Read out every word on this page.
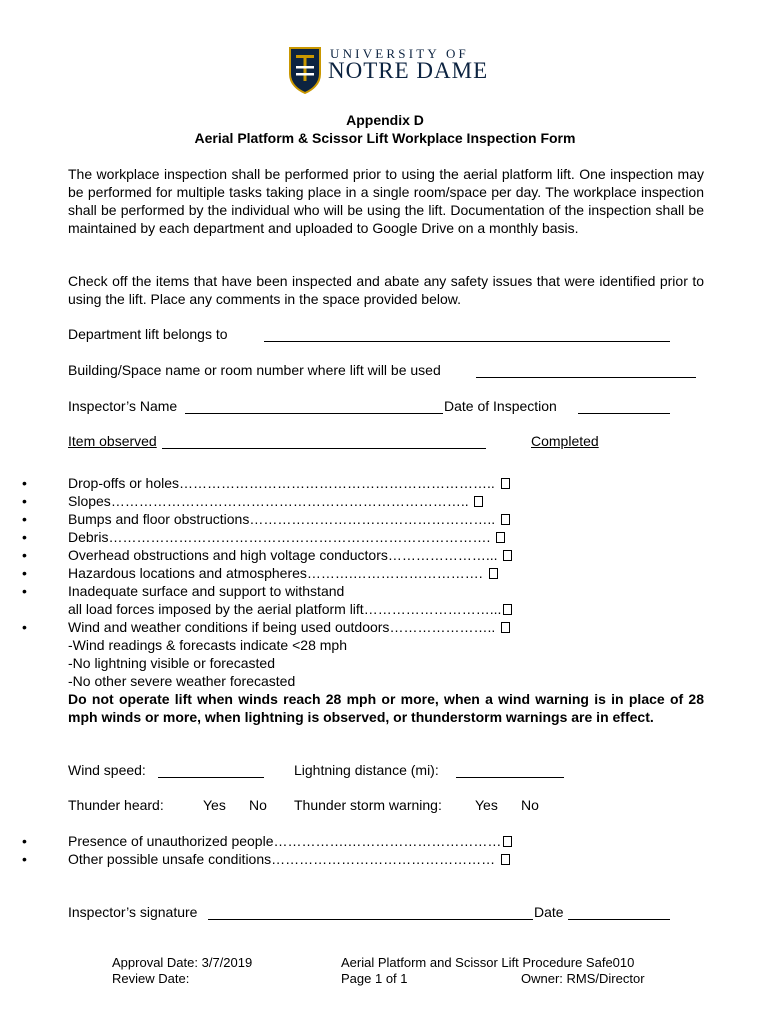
UNIVERSITY OF
NOTRE DAME
Appendix D
Aerial Platform & Scissor Lift Workplace Inspection Form
The workplace inspection shall be performed prior to using the aerial platform lift. One inspection may be performed for multiple tasks taking place in a single room/space per day. The workplace inspection shall be performed by the individual who will be using the lift. Documentation of the inspection shall be maintained by each department and uploaded to Google Drive on a monthly basis.
Check off the items that have been inspected and abate any safety issues that were identified prior to using the lift. Place any comments in the space provided below.
Department lift belongs to
Building/Space name or room number where lift will be used
Inspector’s Name	Date of Inspection
Item observed	Completed
•	Drop-offs or holes…………………………………………………………..
•	Slopes…………………………………………………………………..
•	Bumps and floor obstructions……………………………………………..
•	Debris……………………………………………………………………….
•	Overhead obstructions and high voltage conductors…………………...
•	Hazardous locations and atmospheres……….……………………….
•	Inadequate surface and support to withstand
all load forces imposed by the aerial platform lift………………………...
•	Wind and weather conditions if being used outdoors…………………..
-Wind readings & forecasts indicate <28 mph
-No lightning visible or forecasted
-No other severe weather forecasted
Do not operate lift when winds reach 28 mph or more, when a wind warning is in place of 28 mph winds or more, when lightning is observed, or thunderstorm warnings are in effect.
Wind speed:	Lightning distance (mi):
Thunder heard:	Yes No Thunder storm warning: Yes No
•	Presence of unauthorized people…………….……………………………
•	Other possible unsafe conditions…………………………………………
Inspector’s signature	Date
Approval Date: 3/7/2019
Review Date:
Aerial Platform and Scissor Lift Procedure Safe010
Page 1 of 1	Owner: RMS/Director
